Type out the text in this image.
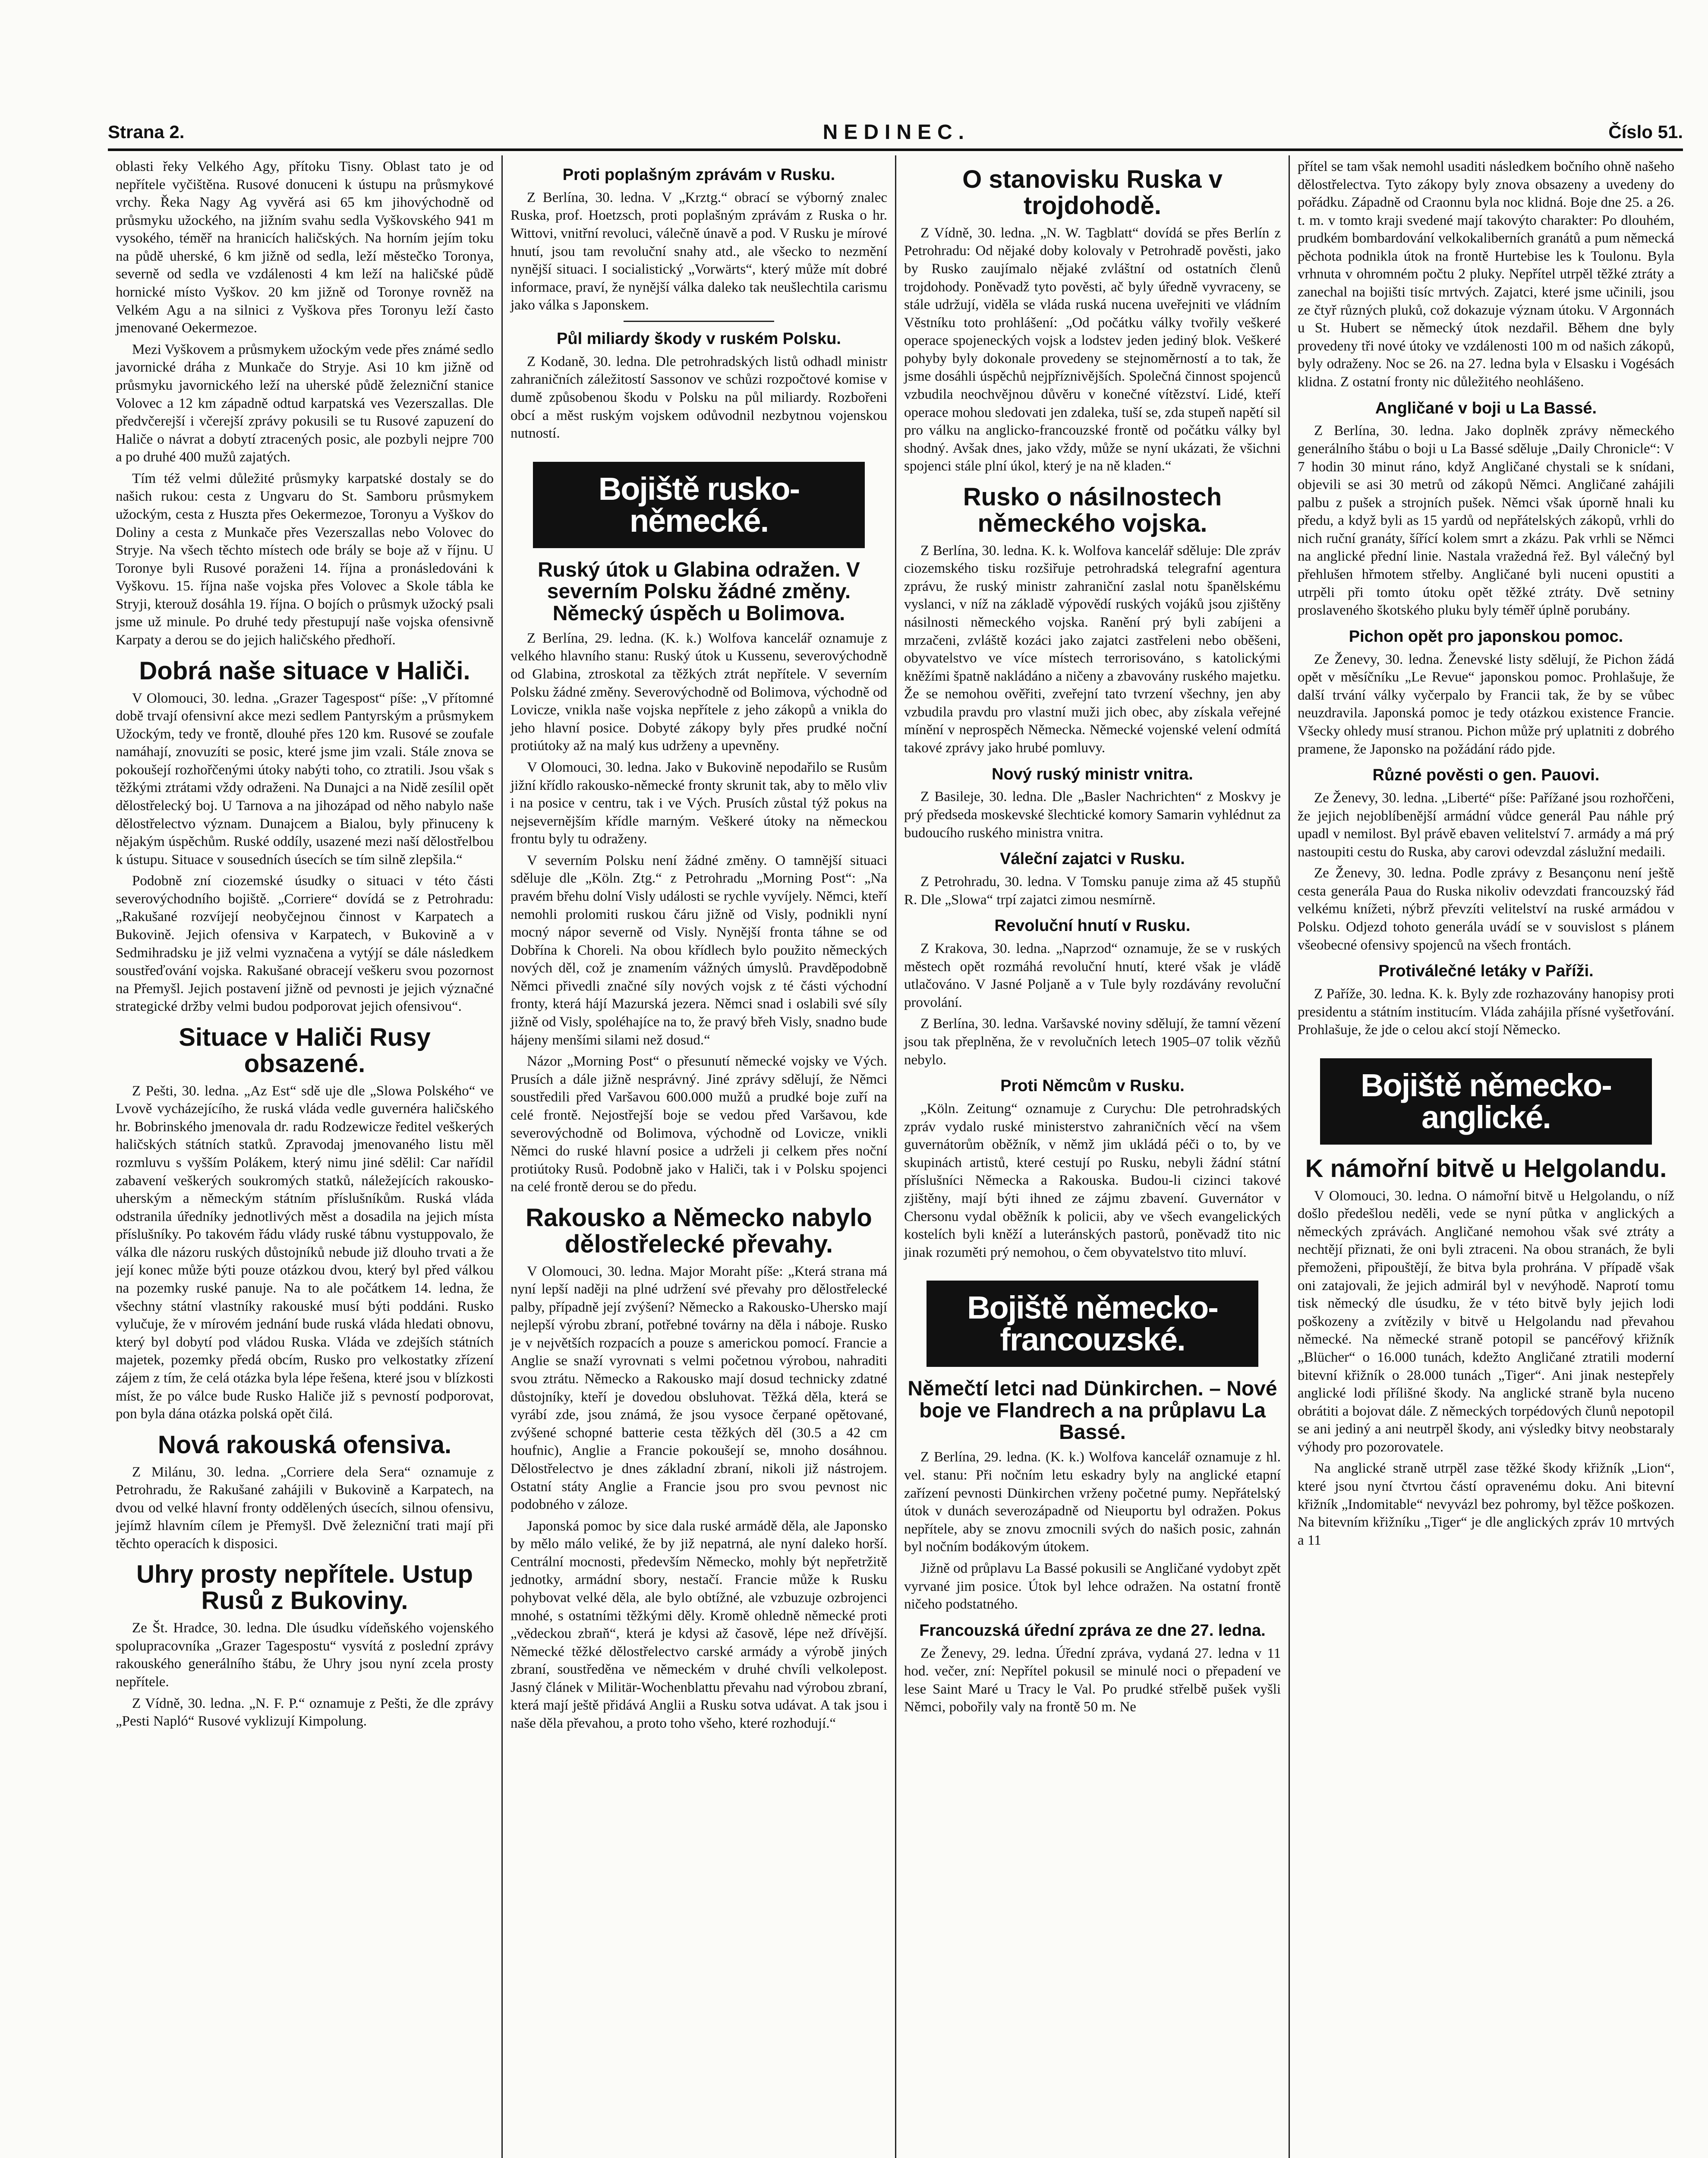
Strana 2.	NEDINEC.	Číslo 51.

oblasti řeky Velkého Agy, přítoku Tisny. Oblast tato je od nepřítele vyčištěna. Rusové donuceni k ústupu na průsmykové vrchy. Řeka Nagy Ag vyvěrá asi 65 km jihovýchodně od průsmyku užockého, na jižním svahu sedla Vyškovského 941 m vysokého, téměř na hranicích haličských. Na horním jejím toku na půdě uherské, 6 km jižně od sedla, leží městečko Toronya, severně od sedla ve vzdálenosti 4 km leží na haličské půdě hornické místo Vyškov. 20 km jižně od Toronye rovněž na Velkém Agu a na silnici z Vyškova přes Toronyu leží často jmenované Oekermezoe.

Mezi Vyškovem a průsmykem užockým vede přes známé sedlo javornické dráha z Munkače do Stryje. Asi 10 km jižně od průsmyku javornického leží na uherské půdě železniční stanice Volovec a 12 km západně odtud karpatská ves Vezerszallas. Dle předvčerejší i včerejší zprávy pokusili se tu Rusové zapuzení do Haliče o návrat a dobytí ztracených posic, ale pozbyli nejpre 700 a po druhé 400 mužů zajatých.

Tím též velmi důležité průsmyky karpatské dostaly se do našich rukou: cesta z Ungvaru do St. Samboru průsmykem užockým, cesta z Huszta přes Oekermezoe, Toronyu a Vyškov do Doliny a cesta z Munkače přes Vezerszallas nebo Volovec do Stryje. Na všech těchto místech ode brály se boje až v říjnu. U Toronye byli Rusové poraženi 14. října a pronásledováni k Vyškovu. 15. října naše vojska přes Volovec a Skole tábla ke Stryji, kterouž dosáhla 19. října. O bojích o průsmyk užocký psali jsme už minule. Po druhé tedy přestupují naše vojska ofensivně Karpaty a derou se do jejich haličského předhoří.

Dobrá naše situace v Haliči.

V Olomouci, 30. ledna. „Grazer Tagespost“ píše: „V přítomné době trvají ofensivní akce mezi sedlem Pantyrským a průsmykem Užockým, tedy ve frontě, dlouhé přes 120 km. Rusové se zoufale namáhají, znovuzíti se posic, které jsme jim vzali. Stále znova se pokoušejí rozhořčenými útoky nabýti toho, co ztratili. Jsou však s těžkými ztrátami vždy odraženi. Na Dunajci a na Nidě zesílil opět dělostřelecký boj. U Tarnova a na jihozápad od něho nabylo naše dělostřelectvo význam. Dunajcem a Bialou, byly přinuceny k nějakým úspěchům. Ruské oddíly, usazené mezi naší dělostřelbou k ústupu. Situace v sousedních úsecích se tím silně zlepšila.“

Podobně zní ciozemské úsudky o situaci v této části severovýchodního bojiště. „Corriere“ dovídá se z Petrohradu: „Rakušané rozvíjejí neobyčejnou činnost v Karpatech a Bukovině. Jejich ofensiva v Karpatech, v Bukovině a v Sedmihradsku je již velmi vyznačena a vytýjí se dále následkem soustřeďování vojska. Rakušané obracejí veškeru svou pozornost na Přemyšl. Jejich postavení jižně od pevnosti je jejich význačné strategické držby velmi budou podporovat jejich ofensivou“.

Situace v Haliči Rusy obsazené.

Z Pešti, 30. ledna. „Az Est“ sdě uje dle „Slowa Polského“ ve Lvově vycházejícího, že ruská vláda vedle guvernéra haličského hr. Bobrinského jmenovala dr. radu Rodzewicze ředitel veškerých haličských státních statků. Zpravodaj jmenovaného listu měl rozmluvu s vyšším Polákem, který nimu jiné sdělil: Car nařídil zabavení veškerých soukromých statků, náležejících rakousko-uherským a německým státním příslušníkům. Ruská vláda odstranila úředníky jednotlivých měst a dosadila na jejich místa příslušníky. Po takovém řádu vlády ruské tábnu vystuppovalo, že válka dle názoru ruských důstojníků nebude již dlouho trvati a že její konec může býti pouze otázkou dvou, který byl před válkou na pozemky ruské panuje. Na to ale počátkem 14. ledna, že všechny státní vlastníky rakouské musí býti poddáni. Rusko vylučuje, že v mírovém jednání bude ruská vláda hledati obnovu, který byl dobytí pod vládou Ruska. Vláda ve zdejších státních majetek, pozemky předá obcím, Rusko pro velkostatky zřízení zájem z tím, že celá otázka byla lépe řešena, které jsou v blízkosti míst, že po válce bude Rusko Haliče již s pevností podporovat, pon byla dána otázka polská opět čilá.

Nová rakouská ofensiva.

Z Milánu, 30. ledna. „Corriere dela Sera“ oznamuje z Petrohradu, že Rakušané zahájili v Bukovině a Karpatech, na dvou od velké hlavní fronty oddělených úsecích, silnou ofensivu, jejímž hlavním cílem je Přemyšl. Dvě železniční trati mají při těchto operacích k disposici.

Uhry prosty nepřítele. Ustup Rusů z Bukoviny.

Ze Št. Hradce, 30. ledna. Dle úsudku vídeňského vojenského spolupracovníka „Grazer Tagespostu“ vysvítá z poslední zprávy rakouského generálního štábu, že Uhry jsou nyní zcela prosty nepřítele.

Z Vídně, 30. ledna. „N. F. P.“ oznamuje z Pešti, že dle zprávy „Pesti Napló“ Rusové vyklizují Kimpolung.

Proti poplašným zprávám v Rusku.

Z Berlína, 30. ledna. V „Krztg.“ obrací se výborný znalec Ruska, prof. Hoetzsch, proti poplašným zprávám z Ruska o hr. Wittovi, vnitřní revoluci, válečně únavě a pod. V Rusku je mírové hnutí, jsou tam revoluční snahy atd., ale všecko to nezmění nynější situaci. I socialistický „Vorwärts“, který může mít dobré informace, praví, že nynější válka daleko tak neušlechtila carismu jako válka s Japonskem.

Půl miliardy škody v ruském Polsku.

Z Kodaně, 30. ledna. Dle petrohradských listů odhadl ministr zahraničních záležitostí Sassonov ve schůzi rozpočtové komise v dumě způsobenou škodu v Polsku na půl miliardy. Rozbořeni obcí a měst ruským vojskem odůvodnil nezbytnou vojenskou nutností.

Bojiště rusko-německé.
Ruský útok u Glabina odražen. V severním Polsku žádné změny. Německý úspěch u Bolimova.

Z Berlína, 29. ledna. (K. k.) Wolfova kancelář oznamuje z velkého hlavního stanu: Ruský útok u Kussenu, severovýchodně od Glabina, ztroskotal za těžkých ztrát nepřítele. V severním Polsku žádné změny. Severovýchodně od Bolimova, východně od Lovicze, vnikla naše vojska nepřítele z jeho zákopů a vnikla do jeho hlavní posice. Dobyté zákopy byly přes prudké noční protiútoky až na malý kus udrženy a upevněny.

V Olomouci, 30. ledna. Jako v Bukovině nepodařilo se Rusům jižní křídlo rakousko-německé fronty skrunit tak, aby to mělo vliv i na posice v centru, tak i ve Vých. Prusích zůstal týž pokus na nejsevernějším křídle marným. Veškeré útoky na německou frontu byly tu odraženy.

V severním Polsku není žádné změny. O tamnější situaci sděluje dle „Köln. Ztg.“ z Petrohradu „Morning Post“: „Na pravém břehu dolní Visly události se rychle vyvíjely. Němci, kteří nemohli prolomiti ruskou čáru jižně od Visly, podnikli nyní mocný nápor severně od Visly. Nynější fronta táhne se od Dobřína k Choreli. Na obou křídlech bylo použito německých nových děl, což je znamením vážných úmyslů. Pravděpodobně Němci přivedli značné síly nových vojsk z té části východní fronty, která hájí Mazurská jezera. Němci snad i oslabili své síly jižně od Visly, spoléhajíce na to, že pravý břeh Visly, snadno bude hájeny menšími silami než dosud.“

Názor „Morning Post“ o přesunutí německé vojsky ve Vých. Prusích a dále jižně nesprávný. Jiné zprávy sdělují, že Němci soustředili před Varšavou 600.000 mužů a prudké boje zuří na celé frontě. Nejostřejší boje se vedou před Varšavou, kde severovýchodně od Bolimova, východně od Lovicze, vnikli Němci do ruské hlavní posice a udrželi ji celkem přes noční protiútoky Rusů. Podobně jako v Haliči, tak i v Polsku spojenci na celé frontě derou se do předu.

Rakousko a Německo nabylo dělostřelecké převahy.

V Olomouci, 30. ledna. Major Moraht píše: „Která strana má nyní lepší naději na plné udržení své převahy pro dělostřelecké palby, případně její zvýšení? Německo a Rakousko-Uhersko mají nejlepší výrobu zbraní, potřebné továrny na děla i náboje. Rusko je v největších rozpacích a pouze s americkou pomocí. Francie a Anglie se snaží vyrovnati s velmi početnou výrobou, nahraditi svou ztrátu. Německo a Rakousko mají dosud technicky zdatné důstojníky, kteří je dovedou obsluhovat. Těžká děla, která se vyrábí zde, jsou známá, že jsou vysoce čerpané opětované, zvýšené schopné batterie cesta těžkých děl (30.5 a 42 cm houfnic), Anglie a Francie pokoušejí se, mnoho dosáhnou. Dělostřelectvo je dnes základní zbraní, nikoli již nástrojem. Ostatní státy Anglie a Francie jsou pro svou pevnost nic podobného v záloze.

Japonská pomoc by sice dala ruské armádě děla, ale Japonsko by mělo málo veliké, že by již nepatrná, ale nyní daleko horší. Centrální mocnosti, především Německo, mohly být nepřetržitě jednotky, armádní sbory, nestačí. Francie může k Rusku pohybovat velké děla, ale bylo obtížné, ale vzbuzuje ozbrojenci mnohé, s ostatními těžkými děly. Kromě ohledně německé proti „vědeckou zbraň“, která je kdysi až časově, lépe než dřívější. Německé těžké dělostřelectvo carské armády a výrobě jiných zbraní, soustředěna ve německém v druhé chvíli velkolepost. Jasný článek v Militär-Wochenblattu převahu nad výrobou zbraní, která mají ještě přidává Anglii a Rusku sotva udávat. A tak jsou i naše děla převahou, a proto toho všeho, které rozhodují.“

O stanovisku Ruska v trojdohodě.

Z Vídně, 30. ledna. „N. W. Tagblatt“ dovídá se přes Berlín z Petrohradu: Od nějaké doby kolovaly v Petrohradě pověsti, jako by Rusko zaujímalo nějaké zvláštní od ostatních členů trojdohody. Poněvadž tyto pověsti, ač byly úředně vyvraceny, se stále udržují, viděla se vláda ruská nucena uveřejniti ve vládním Věstníku toto prohlášení: „Od počátku války tvořily veškeré operace spojeneckých vojsk a lodstev jeden jediný blok. Veškeré pohyby byly dokonale provedeny se stejnoměrností a to tak, že jsme dosáhli úspěchů nejpříznivějších. Společná činnost spojenců vzbudila neochvějnou důvěru v konečné vítězství. Lidé, kteří operace mohou sledovati jen zdaleka, tuší se, zda stupeň napětí sil pro válku na anglicko-francouzské frontě od počátku války byl shodný. Avšak dnes, jako vždy, může se nyní ukázati, že všichni spojenci stále plní úkol, který je na ně kladen.“

Rusko o násilnostech německého vojska.

Z Berlína, 30. ledna. K. k. Wolfova kancelář sděluje: Dle zpráv ciozemského tisku rozšiřuje petrohradská telegrafní agentura zprávu, že ruský ministr zahraniční zaslal notu španělskému vyslanci, v níž na základě výpovědí ruských vojáků jsou zjištěny násilnosti německého vojska. Ranění prý byli zabíjeni a mrzačeni, zvláště kozáci jako zajatci zastřeleni nebo oběšeni, obyvatelstvo ve více místech terrorisováno, s katolickými kněžími špatně nakládáno a ničeny a zbavovány ruského majetku. Že se nemohou ověřiti, zveřejní tato tvrzení všechny, jen aby vzbudila pravdu pro vlastní muži jich obec, aby získala veřejné mínění v neprospěch Německa. Německé vojenské velení odmítá takové zprávy jako hrubé pomluvy.

Nový ruský ministr vnitra.

Z Basileje, 30. ledna. Dle „Basler Nachrichten“ z Moskvy je prý předseda moskevské šlechtické komory Samarin vyhlédnut za budoucího ruského ministra vnitra.

Váleční zajatci v Rusku.

Z Petrohradu, 30. ledna. V Tomsku panuje zima až 45 stupňů R. Dle „Slowa“ trpí zajatci zimou nesmírně.

Revoluční hnutí v Rusku.

Z Krakova, 30. ledna. „Naprzod“ oznamuje, že se v ruských městech opět rozmáhá revoluční hnutí, které však je vládě utlačováno. V Jasné Poljaně a v Tule byly rozdávány revoluční provolání.

Z Berlína, 30. ledna. Varšavské noviny sdělují, že tamní vězení jsou tak přeplněna, že v revolučních letech 1905–07 tolik vězňů nebylo.

Proti Němcům v Rusku.

„Köln. Zeitung“ oznamuje z Curychu: Dle petrohradských zpráv vydalo ruské ministerstvo zahraničních věcí na všem guvernátorům oběžník, v němž jim ukládá péči o to, by ve skupinách artistů, které cestují po Rusku, nebyli žádní státní příslušníci Německa a Rakouska. Budou-li cizinci takové zjištěny, mají býti ihned ze zájmu zbavení. Guvernátor v Chersonu vydal oběžník k policii, aby ve všech evangelických kostelích byli kněží a luteránských pastorů, poněvadž tito nic jinak rozuměti prý nemohou, o čem obyvatelstvo tito mluví.

Bojiště německo-francouzské.
Němečtí letci nad Dünkirchen. – Nové boje ve Flandrech a na průplavu La Bassé.

Z Berlína, 29. ledna. (K. k.) Wolfova kancelář oznamuje z hl. vel. stanu: Při nočním letu eskadry byly na anglické etapní zařízení pevnosti Dünkirchen vrženy početné pumy. Nepřátelský útok v dunách severozápadně od Nieuportu byl odražen. Pokus nepřítele, aby se znovu zmocnili svých do našich posic, zahnán byl nočním bodákovým útokem.

Jižně od průplavu La Bassé pokusili se Angličané vydobyt zpět vyrvané jim posice. Útok byl lehce odražen. Na ostatní frontě ničeho podstatného.

Francouzská úřední zpráva ze dne 27. ledna.

Ze Ženevy, 29. ledna. Úřední zpráva, vydaná 27. ledna v 11 hod. večer, zní: Nepřítel pokusil se minulé noci o přepadení ve lese Saint Maré u Tracy le Val. Po prudké střelbě pušek vyšli Němci, pobořily valy na frontě 50 m. Ne

přítel se tam však nemohl usaditi následkem bočního ohně našeho dělostřelectva. Tyto zákopy byly znova obsazeny a uvedeny do pořádku. Západně od Craonnu byla noc klidná. Boje dne 25. a 26. t. m. v tomto kraji svedené mají takovýto charakter: Po dlouhém, prudkém bombardování velkokaliberních granátů a pum německá pěchota podnikla útok na frontě Hurtebise les k Toulonu. Byla vrhnuta v ohromném počtu 2 pluky. Nepřítel utrpěl těžké ztráty a zanechal na bojišti tisíc mrtvých. Zajatci, které jsme učinili, jsou ze čtyř různých pluků, což dokazuje význam útoku. V Argonnách u St. Hubert se německý útok nezdařil. Během dne byly provedeny tři nové útoky ve vzdálenosti 100 m od našich zákopů, byly odraženy. Noc se 26. na 27. ledna byla v Elsasku i Vogésách klidna. Z ostatní fronty nic důležitého neohlášeno.

Angličané v boji u La Bassé.

Z Berlína, 30. ledna. Jako doplněk zprávy německého generálního štábu o boji u La Bassé sděluje „Daily Chronicle“: V 7 hodin 30 minut ráno, když Angličané chystali se k snídani, objevili se asi 30 metrů od zákopů Němci. Angličané zahájili palbu z pušek a strojních pušek. Němci však úporně hnali ku předu, a když byli as 15 yardů od nepřátelských zákopů, vrhli do nich ruční granáty, šířící kolem smrt a zkázu. Pak vrhli se Němci na anglické přední linie. Nastala vražedná řež. Byl válečný byl přehlušen hřmotem střelby. Angličané byli nuceni opustiti a utrpěli při tomto útoku opět těžké ztráty. Dvě setniny proslaveného škotského pluku byly téměř úplně porubány.

Pichon opět pro japonskou pomoc.

Ze Ženevy, 30. ledna. Ženevské listy sdělují, že Pichon žádá opět v měsíčníku „Le Revue“ japonskou pomoc. Prohlašuje, že další trvání války vyčerpalo by Francii tak, že by se vůbec neuzdravila. Japonská pomoc je tedy otázkou existence Francie. Všecky ohledy musí stranou. Pichon může prý uplatniti z dobrého pramene, že Japonsko na požádání rádo pjde.

Různé pověsti o gen. Pauovi.

Ze Ženevy, 30. ledna. „Liberté“ píše: Pařížané jsou rozhořčeni, že jejich nejoblíbenější armádní vůdce generál Pau náhle prý upadl v nemilost. Byl právě ebaven velitelství 7. armády a má prý nastoupiti cestu do Ruska, aby carovi odevzdal záslužní medaili.

Ze Ženevy, 30. ledna. Podle zprávy z Besançonu není ještě cesta generála Paua do Ruska nikoliv odevzdati francouzský řád velkému knížeti, nýbrž převzíti velitelství na ruské armádou v Polsku. Odjezd tohoto generála uvádí se v souvislost s plánem všeobecné ofensivy spojenců na všech frontách.

Protiválečné letáky v Paříži.

Z Paříže, 30. ledna. K. k. Byly zde rozhazovány hanopisy proti presidentu a státním institucím. Vláda zahájila přísné vyšetřování. Prohlašuje, že jde o celou akcí stojí Německo.

Bojiště německo-anglické.
K námořní bitvě u Helgolandu.

V Olomouci, 30. ledna. O námořní bitvě u Helgolandu, o níž došlo předešlou neděli, vede se nyní půtka v anglických a německých zprávách. Angličané nemohou však své ztráty a nechtějí přiznati, že oni byli ztraceni. Na obou stranách, že byli přemoženi, připouštějí, že bitva byla prohrána. V případě však oni zatajovali, že jejich admirál byl v nevýhodě. Naprotí tomu tisk německý dle úsudku, že v této bitvě byly jejich lodi poškozeny a zvítězily v bitvě u Helgolandu nad převahou německé. Na německé straně potopil se pancéřový křižník „Blücher“ o 16.000 tunách, kdežto Angličané ztratili moderní bitevní křižník o 28.000 tunách „Tiger“. Ani jinak nestepřely anglické lodi přílišné škody. Na anglické straně byla nuceno obrátiti a bojovat dále. Z německých torpédových člunů nepotopil se ani jediný a ani neutrpěl škody, ani výsledky bitvy neobstaraly výhody pro pozorovatele.

Na anglické straně utrpěl zase těžké škody křižník „Lion“, které jsou nyní čtvrtou částí opravenému doku. Ani bitevní křižník „Indomitable“ nevyvázl bez pohromy, byl těžce poškozen. Na bitevním křižníku „Tiger“ je dle anglických zpráv 10 mrtvých a 11
